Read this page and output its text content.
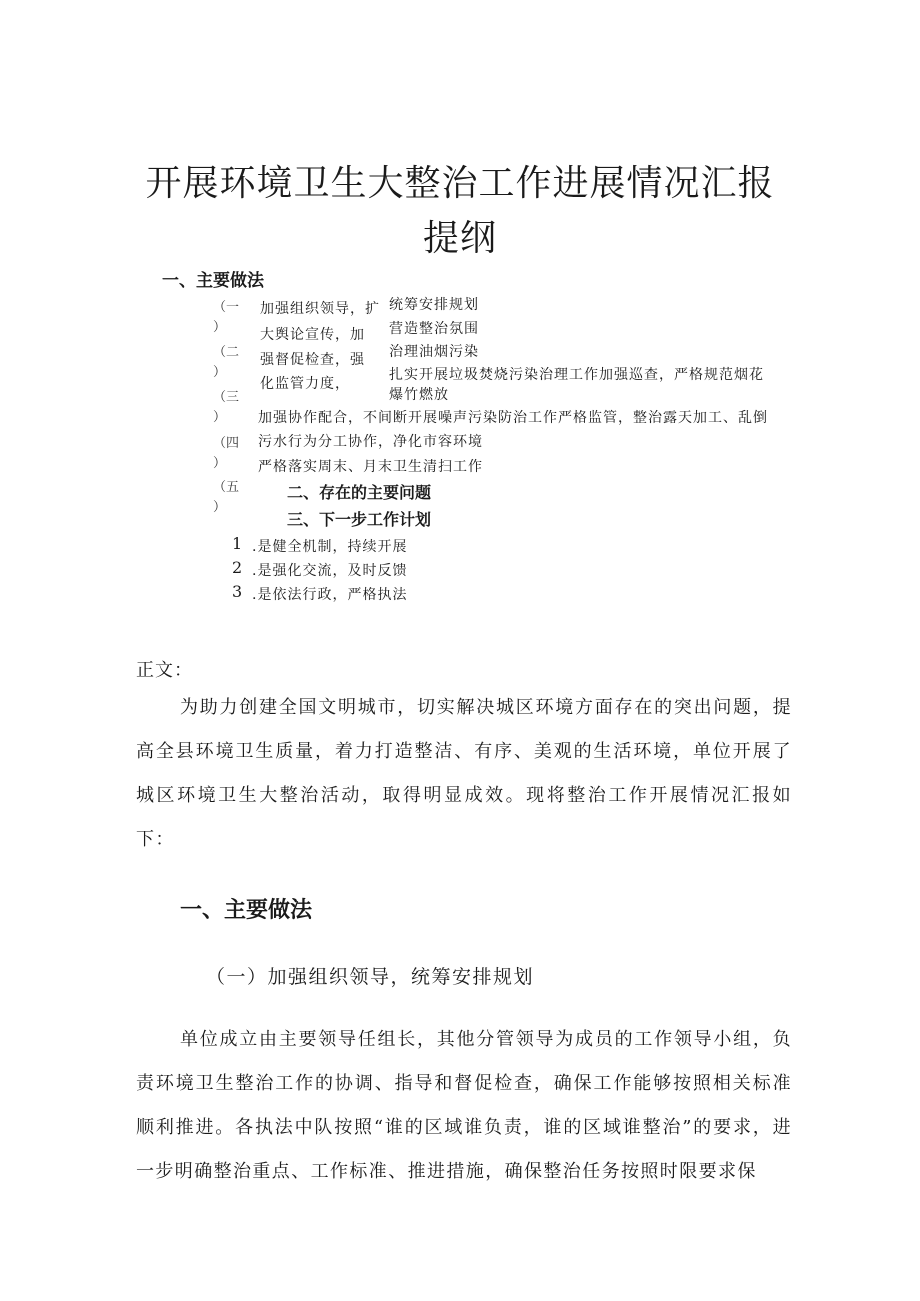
开展环境卫生大整治工作进展情况汇报
提纲
一、主要做法
（一
）
（二
）
（三
）
（四
）
（五
）
加强组织领导，扩
大舆论宣传，加
强督促检查，强
化监管力度，
统筹安排规划
营造整治氛围
治理油烟污染
扎实开展垃圾焚烧污染治理工作加强巡查，严格规范烟花
爆竹燃放
加强协作配合，不间断开展噪声污染防治工作严格监管，整治露天加工、乱倒
污水行为分工协作，净化市容环境
严格落实周末、月末卫生清扫工作
二、存在的主要问题
三、下一步工作计划
1 .是健全机制，持续开展
2 .是强化交流，及时反馈
3 .是依法行政，严格执法
正文：
为助力创建全国文明城市，切实解决城区环境方面存在的突出问题，提高全县环境卫生质量，着力打造整洁、有序、美观的生活环境，单位开展了城区环境卫生大整治活动，取得明显成效。现将整治工作开展情况汇报如下：
一、主要做法
（一）加强组织领导，统筹安排规划
单位成立由主要领导任组长，其他分管领导为成员的工作领导小组，负责环境卫生整治工作的协调、指导和督促检查，确保工作能够按照相关标准顺利推进。各执法中队按照“谁的区域谁负责，谁的区域谁整治”的要求，进一步明确整治重点、工作标准、推进措施，确保整治任务按照时限要求保
